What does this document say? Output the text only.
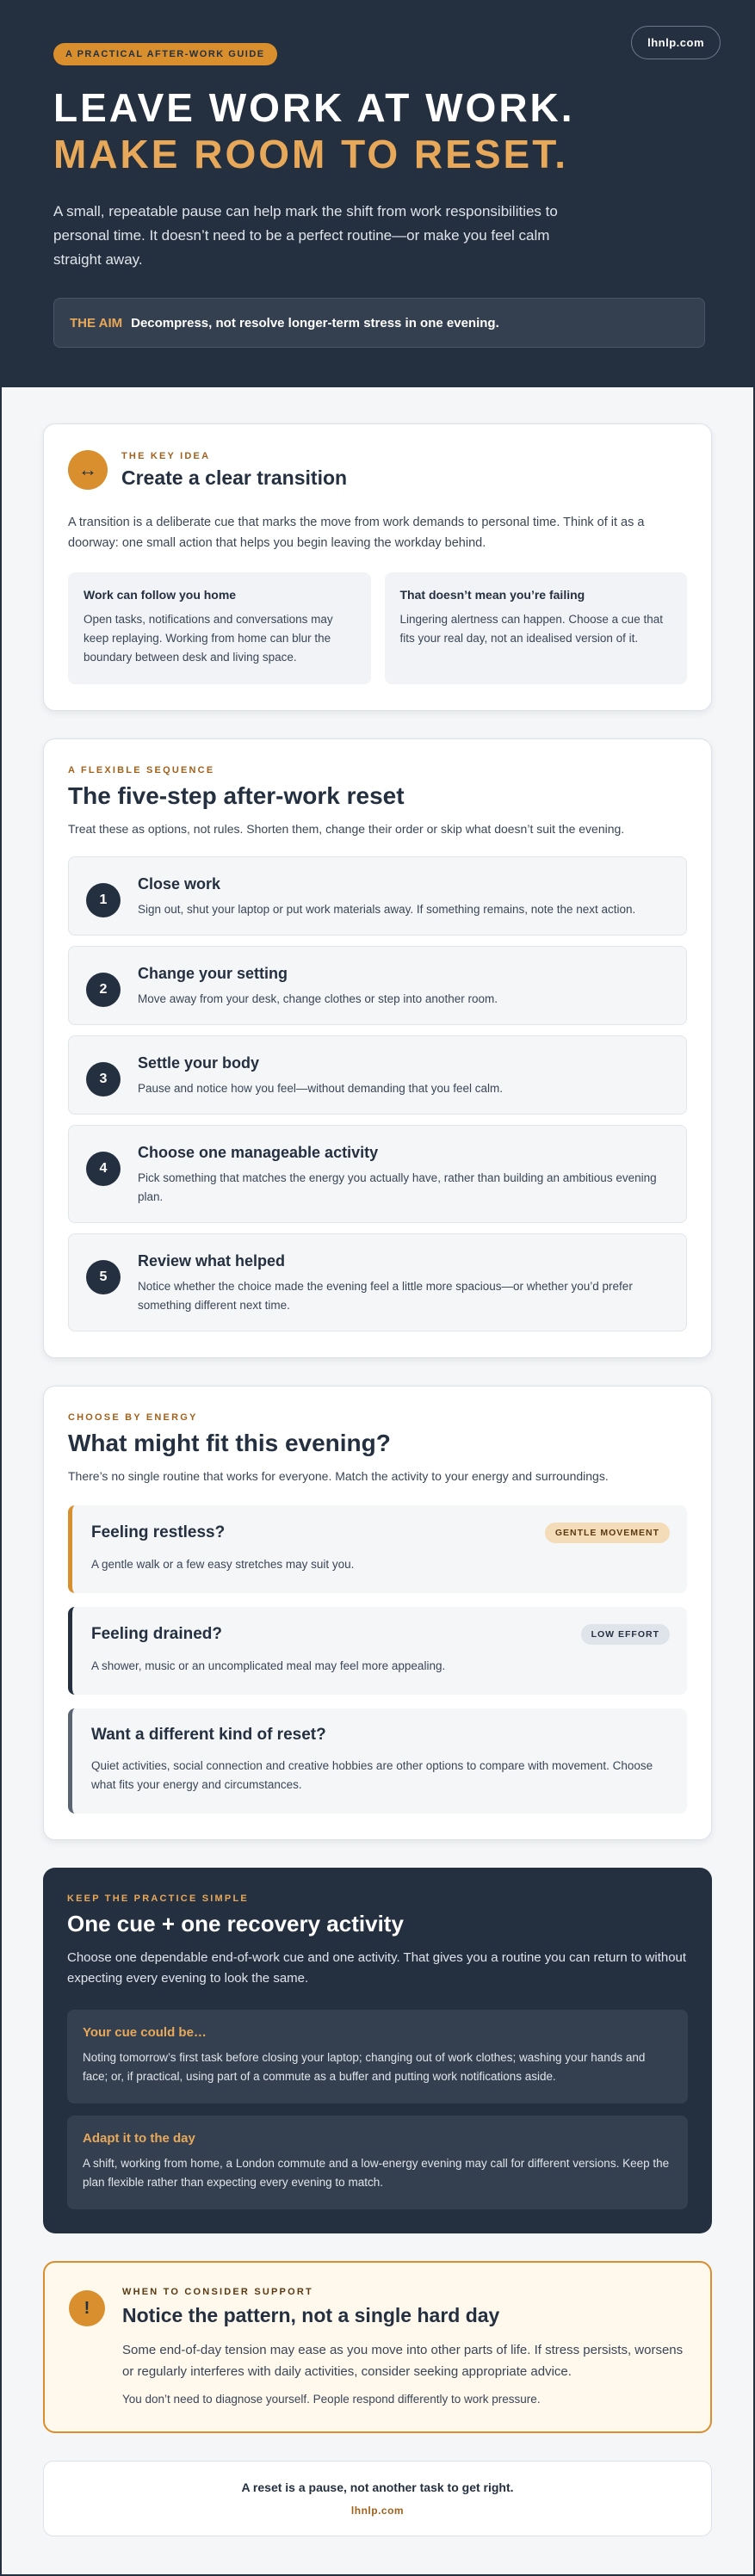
A PRACTICAL AFTER-WORK GUIDE
lhnlp.com
LEAVE WORK AT WORK.
MAKE ROOM TO RESET.

A small, repeatable pause can help mark the shift from work responsibilities to personal time. It doesn’t need to be a perfect routine—or make you feel calm straight away.

THE AIM Decompress, not resolve longer-term stress in one evening.
↔
THE KEY IDEA
Create a clear transition

A transition is a deliberate cue that marks the move from work demands to personal time. Think of it as a doorway: one small action that helps you begin leaving the workday behind.

Work can follow you home

Open tasks, notifications and conversations may keep replaying. Working from home can blur the boundary between desk and living space.

That doesn’t mean you’re failing

Lingering alertness can happen. Choose a cue that fits your real day, not an idealised version of it.

A FLEXIBLE SEQUENCE
The five-step after-work reset

Treat these as options, not rules. Shorten them, change their order or skip what doesn’t suit the evening.

1
Close work

Sign out, shut your laptop or put work materials away. If something remains, note the next action.

2
Change your setting

Move away from your desk, change clothes or step into another room.

3
Settle your body

Pause and notice how you feel—without demanding that you feel calm.

4
Choose one manageable activity

Pick something that matches the energy you actually have, rather than building an ambitious evening plan.

5
Review what helped

Notice whether the choice made the evening feel a little more spacious—or whether you’d prefer something different next time.

CHOOSE BY ENERGY
What might fit this evening?

There’s no single routine that works for everyone. Match the activity to your energy and surroundings.

Feeling restless?	GENTLE MOVEMENT

A gentle walk or a few easy stretches may suit you.

Feeling drained?	LOW EFFORT

A shower, music or an uncomplicated meal may feel more appealing.

Want a different kind of reset?

Quiet activities, social connection and creative hobbies are other options to compare with movement. Choose what fits your energy and circumstances.

KEEP THE PRACTICE SIMPLE
One cue + one recovery activity

Choose one dependable end-of-work cue and one activity. That gives you a routine you can return to without expecting every evening to look the same.

Your cue could be…

Noting tomorrow’s first task before closing your laptop; changing out of work clothes; washing your hands and face; or, if practical, using part of a commute as a buffer and putting work notifications aside.

Adapt it to the day

A shift, working from home, a London commute and a low-energy evening may call for different versions. Keep the plan flexible rather than expecting every evening to match.

!
WHEN TO CONSIDER SUPPORT
Notice the pattern, not a single hard day

Some end-of-day tension may ease as you move into other parts of life. If stress persists, worsens or regularly interferes with daily activities, consider seeking appropriate advice.

You don’t need to diagnose yourself. People respond differently to work pressure.

A reset is a pause, not another task to get right.
lhnlp.com
